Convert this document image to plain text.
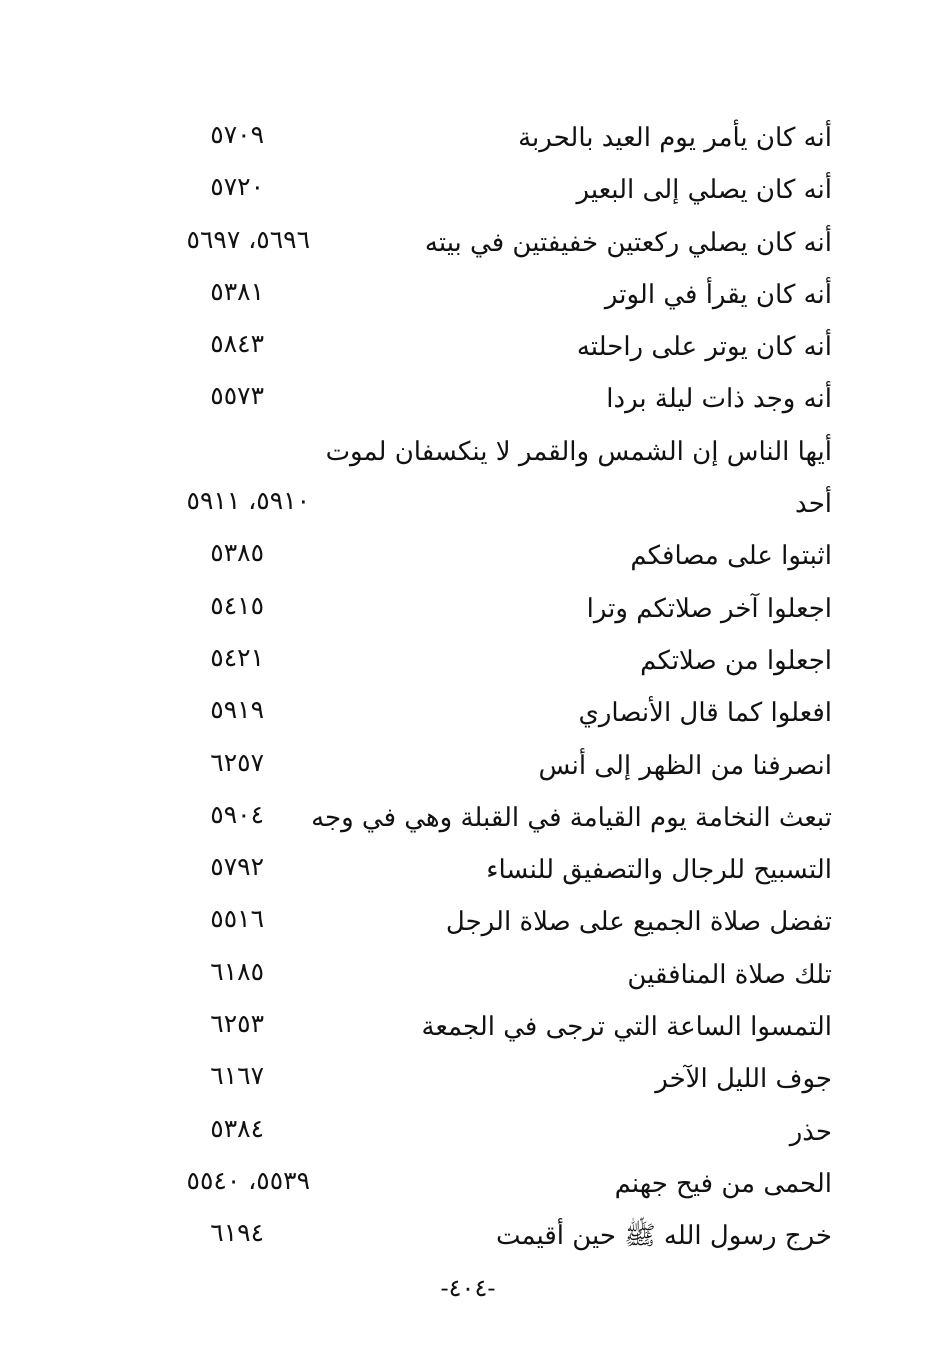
أنه كان يأمر يوم العيد بالحربة
٥٧٠٩
أنه كان يصلي إلى البعير
٥٧٢٠
أنه كان يصلي ركعتين خفيفتين في بيته
٥٦٩٦، ٥٦٩٧
أنه كان يقرأ في الوتر
٥٣٨١
أنه كان يوتر على راحلته
٥٨٤٣
أنه وجد ذات ليلة بردا
٥٥٧٣
أيها الناس إن الشمس والقمر لا ينكسفان لموت
أحد
٥٩١٠، ٥٩١١
اثبتوا على مصافكم
٥٣٨٥
اجعلوا آخر صلاتكم وترا
٥٤١٥
اجعلوا من صلاتكم
٥٤٢١
افعلوا كما قال الأنصاري
٥٩١٩
انصرفنا من الظهر إلى أنس
٦٢٥٧
تبعث النخامة يوم القيامة في القبلة وهي في وجه
٥٩٠٤
التسبيح للرجال والتصفيق للنساء
٥٧٩٢
تفضل صلاة الجميع على صلاة الرجل
٥٥١٦
تلك صلاة المنافقين
٦١٨٥
التمسوا الساعة التي ترجى في الجمعة
٦٢٥٣
جوف الليل الآخر
٦١٦٧
حذر
٥٣٨٤
الحمى من فيح جهنم
٥٥٣٩، ٥٥٤٠
خرج رسول الله ﷺ حين أقيمت
٦١٩٤
-٤٠٤-
